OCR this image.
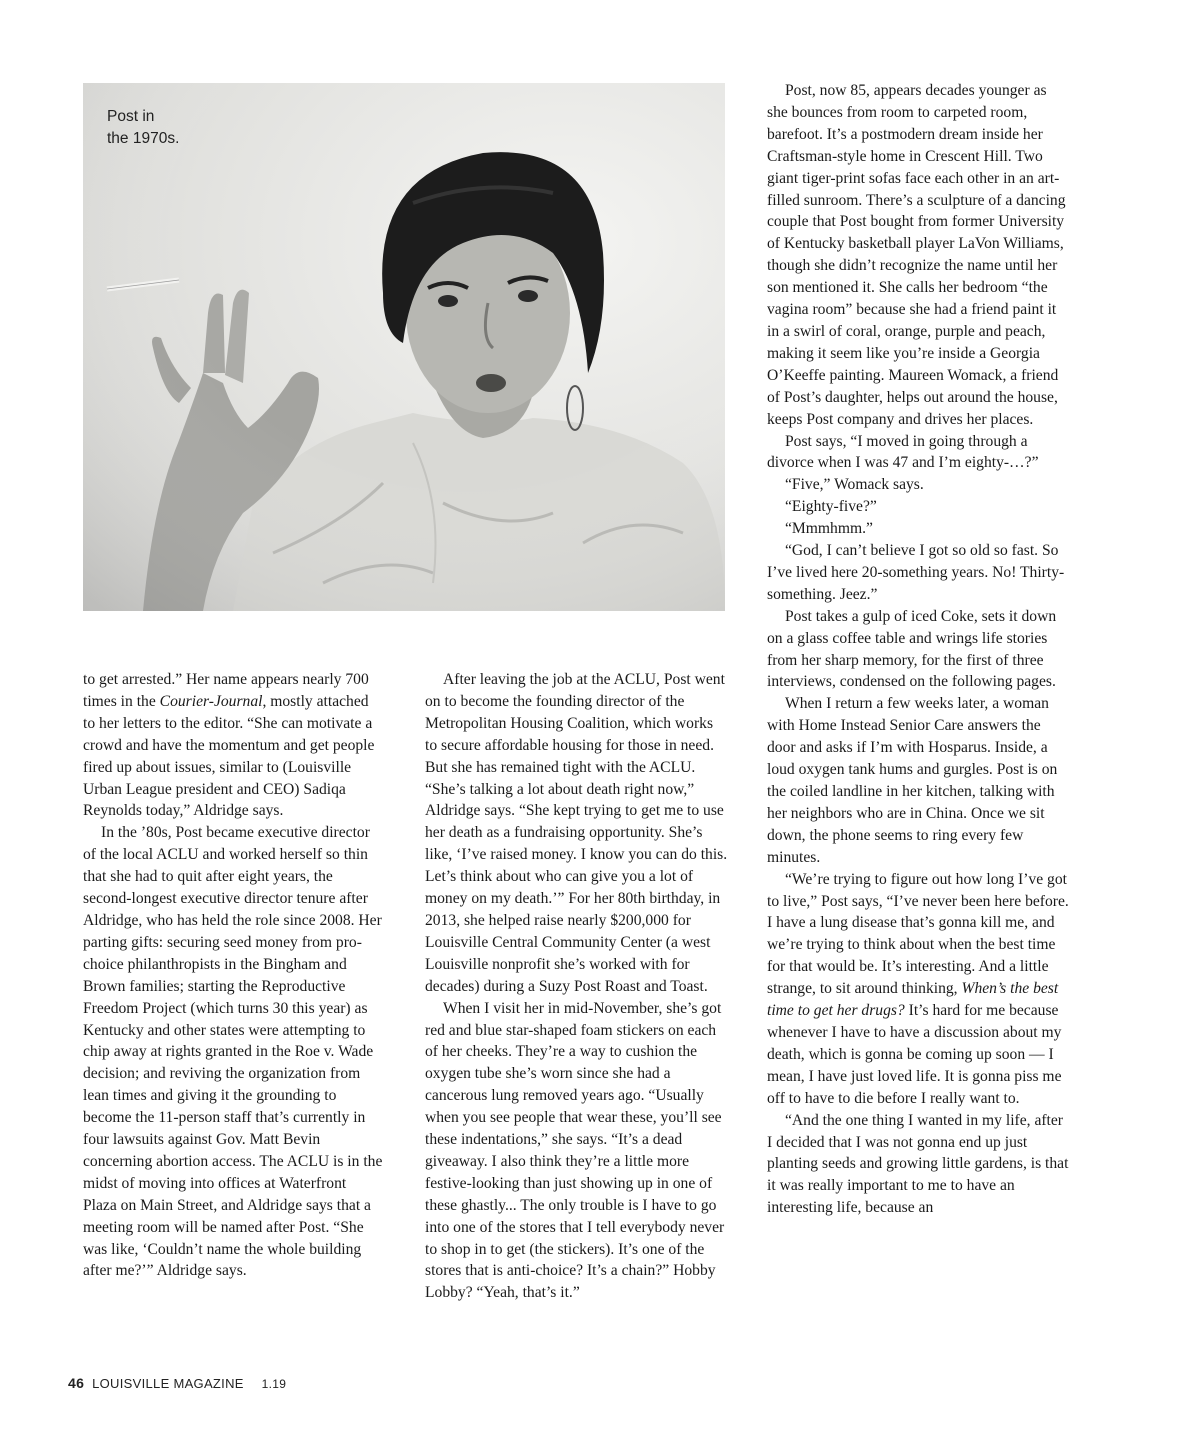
Post in
the 1970s.

to get arrested.” Her name appears nearly 700 times in the Courier-Journal, mostly attached to her letters to the editor. “She can motivate a crowd and have the momentum and get people fired up about issues, similar to (Louisville Urban League president and CEO) Sadiqa Reynolds today,” Aldridge says.

In the ’80s, Post became executive director of the local ACLU and worked herself so thin that she had to quit after eight years, the second-longest executive director tenure after Aldridge, who has held the role since 2008. Her parting gifts: securing seed money from pro-choice philanthropists in the Bingham and Brown families; starting the Reproductive Freedom Project (which turns 30 this year) as Kentucky and other states were attempting to chip away at rights granted in the Roe v. Wade decision; and reviving the organization from lean times and giving it the grounding to become the 11-person staff that’s currently in four lawsuits against Gov. Matt Bevin concerning abortion access. The ACLU is in the midst of moving into offices at Waterfront Plaza on Main Street, and Aldridge says that a meeting room will be named after Post. “She was like, ‘Couldn’t name the whole building after me?’” Aldridge says.

After leaving the job at the ACLU, Post went on to become the founding director of the Metropolitan Housing Coalition, which works to secure affordable housing for those in need. But she has remained tight with the ACLU. “She’s talking a lot about death right now,” Aldridge says. “She kept trying to get me to use her death as a fundraising opportunity. She’s like, ‘I’ve raised money. I know you can do this. Let’s think about who can give you a lot of money on my death.’” For her 80th birthday, in 2013, she helped raise nearly $200,000 for Louisville Central Community Center (a west Louisville nonprofit she’s worked with for decades) during a Suzy Post Roast and Toast.

When I visit her in mid-November, she’s got red and blue star-shaped foam stickers on each of her cheeks. They’re a way to cushion the oxygen tube she’s worn since she had a cancerous lung removed years ago. “Usually when you see people that wear these, you’ll see these indentations,” she says. “It’s a dead giveaway. I also think they’re a little more festive-looking than just showing up in one of these ghastly... The only trouble is I have to go into one of the stores that I tell everybody never to shop in to get (the stickers). It’s one of the stores that is anti-choice? It’s a chain?” Hobby Lobby? “Yeah, that’s it.”

Post, now 85, appears decades younger as she bounces from room to carpeted room, barefoot. It’s a postmodern dream inside her Craftsman-style home in Crescent Hill. Two giant tiger-print sofas face each other in an art-filled sunroom. There’s a sculpture of a dancing couple that Post bought from former University of Kentucky basketball player LaVon Williams, though she didn’t recognize the name until her son mentioned it. She calls her bedroom “the vagina room” because she had a friend paint it in a swirl of coral, orange, purple and peach, making it seem like you’re inside a Georgia O’Keeffe painting. Maureen Womack, a friend of Post’s daughter, helps out around the house, keeps Post company and drives her places.

Post says, “I moved in going through a divorce when I was 47 and I’m eighty-…?”

“Five,” Womack says.

“Eighty-five?”

“Mmmhmm.”

“God, I can’t believe I got so old so fast. So I’ve lived here 20-something years. No! Thirty-something. Jeez.”

Post takes a gulp of iced Coke, sets it down on a glass coffee table and wrings life stories from her sharp memory, for the first of three interviews, condensed on the following pages.

When I return a few weeks later, a woman with Home Instead Senior Care answers the door and asks if I’m with Hosparus. Inside, a loud oxygen tank hums and gurgles. Post is on the coiled landline in her kitchen, talking with her neighbors who are in China. Once we sit down, the phone seems to ring every few minutes.

“We’re trying to figure out how long I’ve got to live,” Post says, “I’ve never been here before. I have a lung disease that’s gonna kill me, and we’re trying to think about when the best time for that would be. It’s interesting. And a little strange, to sit around thinking, When’s the best time to get her drugs? It’s hard for me because whenever I have to have a discussion about my death, which is gonna be coming up soon — I mean, I have just loved life. It is gonna piss me off to have to die before I really want to.

“And the one thing I wanted in my life, after I decided that I was not gonna end up just planting seeds and growing little gardens, is that it was really important to me to have an interesting life, because an

46 LOUISVILLE MAGAZINE 1.19
